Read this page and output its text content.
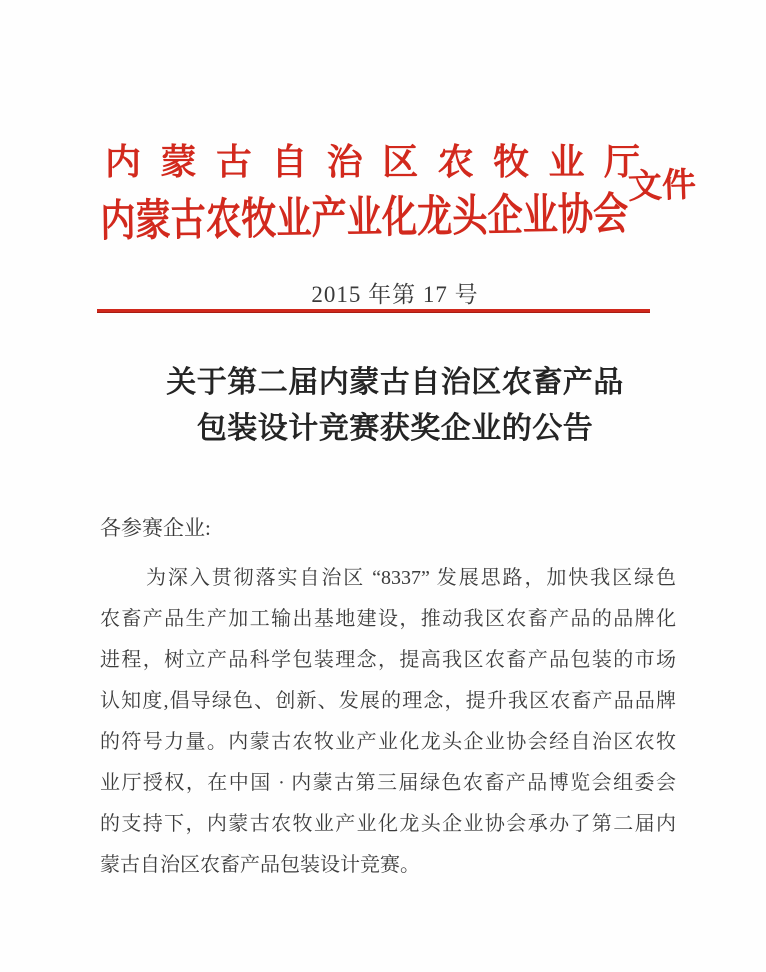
内 蒙 古 自 治 区 农 牧 业 厅
文件
内蒙古农牧业产业化龙头企业协会
2015 年第 17 号
关于第二届内蒙古自治区农畜产品
包装设计竞赛获奖企业的公告
各参赛企业:
为深入贯彻落实自治区 “8337” 发展思路，加快我区绿色
农畜产品生产加工输出基地建设，推动我区农畜产品的品牌化
进程，树立产品科学包装理念，提高我区农畜产品包装的市场
认知度,倡导绿色、创新、发展的理念，提升我区农畜产品品牌
的符号力量。内蒙古农牧业产业化龙头企业协会经自治区农牧
业厅授权，在中国 · 内蒙古第三届绿色农畜产品博览会组委会
的支持下，内蒙古农牧业产业化龙头企业协会承办了第二届内
蒙古自治区农畜产品包装设计竞赛。
